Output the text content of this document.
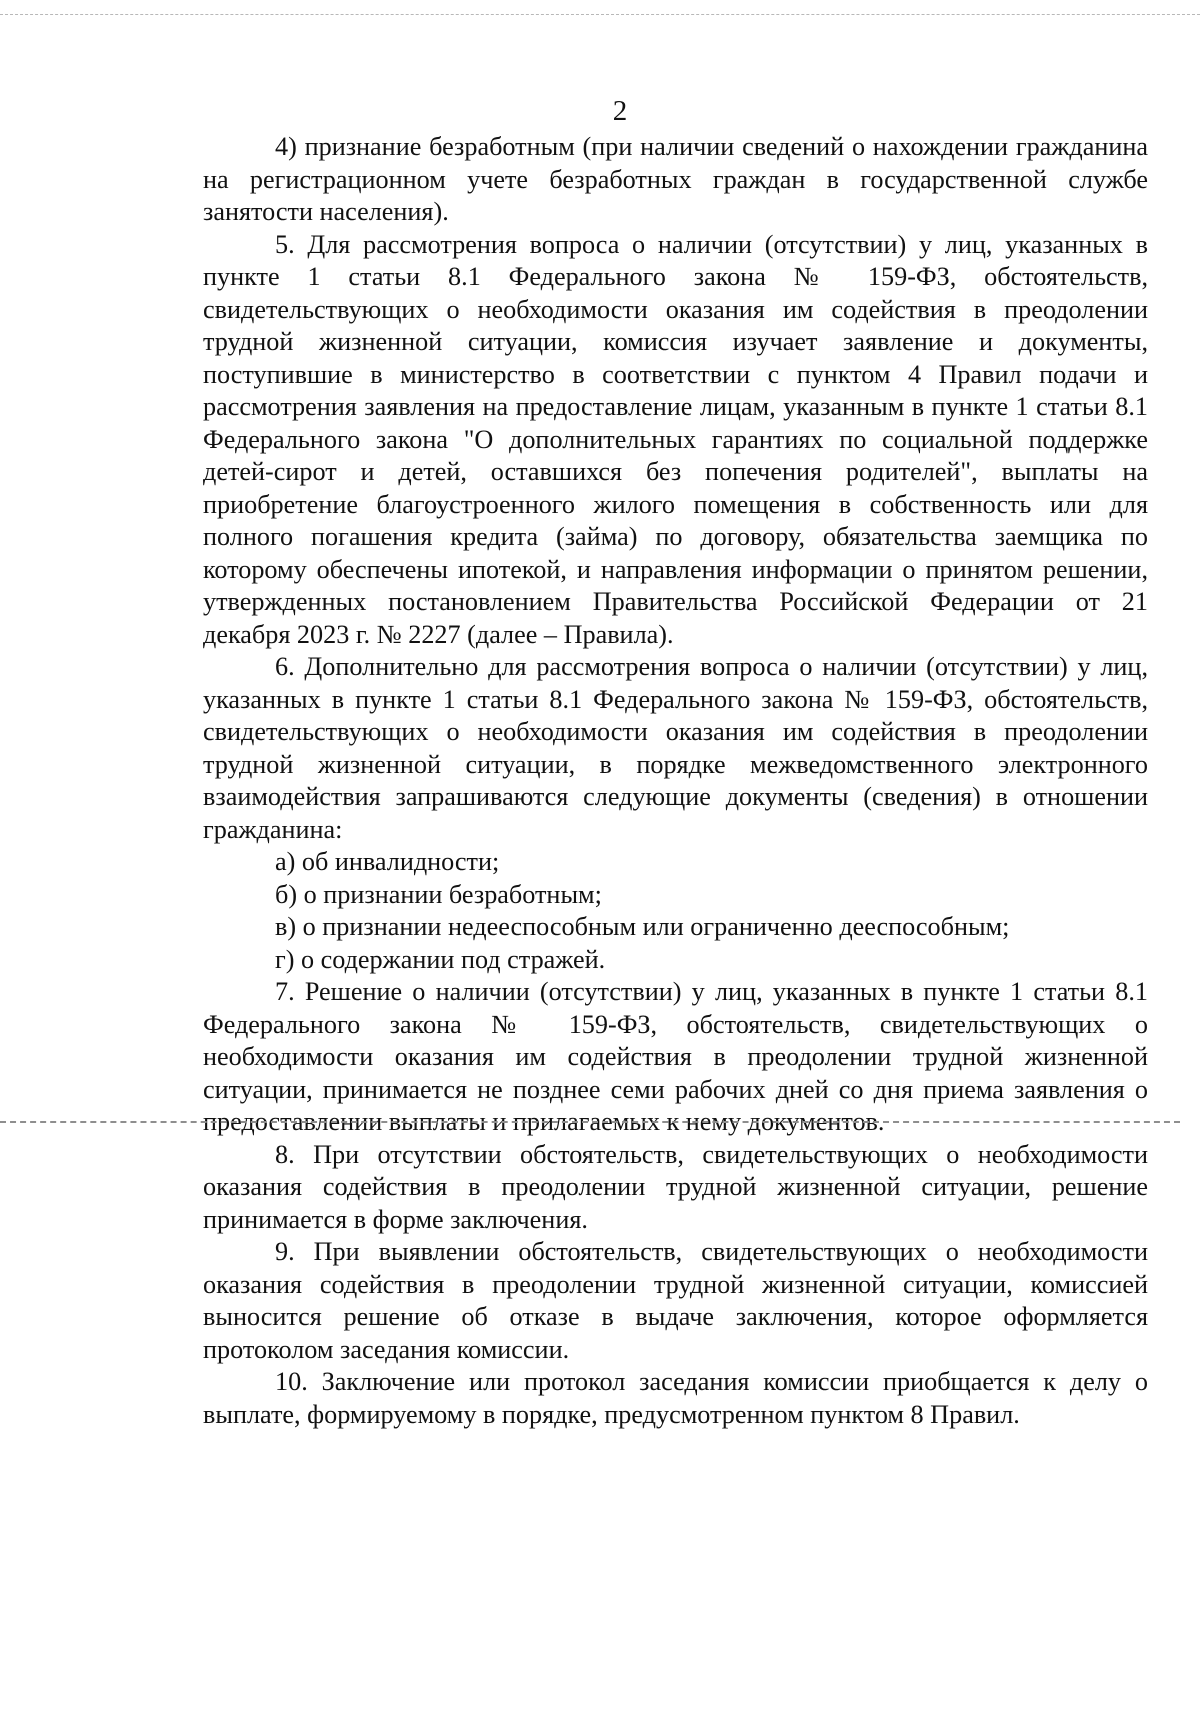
2

4) признание безработным (при наличии сведений о нахождении гражданина на регистрационном учете безработных граждан в государственной службе занятости населения).

5. Для рассмотрения вопроса о наличии (отсутствии) у лиц, указанных в пункте 1 статьи 8.1 Федерального закона № 159-ФЗ, обстоятельств, свидетельствующих о необходимости оказания им содействия в преодолении трудной жизненной ситуации, комиссия изучает заявление и документы, поступившие в министерство в соответствии с пунктом 4 Правил подачи и рассмотрения заявления на предоставление лицам, указанным в пункте 1 статьи 8.1 Федерального закона "О дополнительных гарантиях по социальной поддержке детей-сирот и детей, оставшихся без попечения родителей", выплаты на приобретение благоустроенного жилого помещения в собственность или для полного погашения кредита (займа) по договору, обязательства заемщика по которому обеспечены ипотекой, и направления информации о принятом решении, утвержденных постановлением Правительства Российской Федерации от 21 декабря 2023 г. № 2227 (далее – Правила).

6. Дополнительно для рассмотрения вопроса о наличии (отсутствии) у лиц, указанных в пункте 1 статьи 8.1 Федерального закона № 159-ФЗ, обстоятельств, свидетельствующих о необходимости оказания им содействия в преодолении трудной жизненной ситуации, в порядке межведомственного электронного взаимодействия запрашиваются следующие документы (сведения) в отношении гражданина:

а) об инвалидности;

б) о признании безработным;

в) о признании недееспособным или ограниченно дееспособным;

г) о содержании под стражей.

7. Решение о наличии (отсутствии) у лиц, указанных в пункте 1 статьи 8.1 Федерального закона № 159-ФЗ, обстоятельств, свидетельствующих о необходимости оказания им содействия в преодолении трудной жизненной ситуации, принимается не позднее семи рабочих дней со дня приема заявления о предоставлении выплаты и прилагаемых к нему документов.

8. При отсутствии обстоятельств, свидетельствующих о необходимости оказания содействия в преодолении трудной жизненной ситуации, решение принимается в форме заключения.

9. При выявлении обстоятельств, свидетельствующих о необходимости оказания содействия в преодолении трудной жизненной ситуации, комиссией выносится решение об отказе в выдаче заключения, которое оформляется протоколом заседания комиссии.

10. Заключение или протокол заседания комиссии приобщается к делу о выплате, формируемому в порядке, предусмотренном пунктом 8 Правил.
